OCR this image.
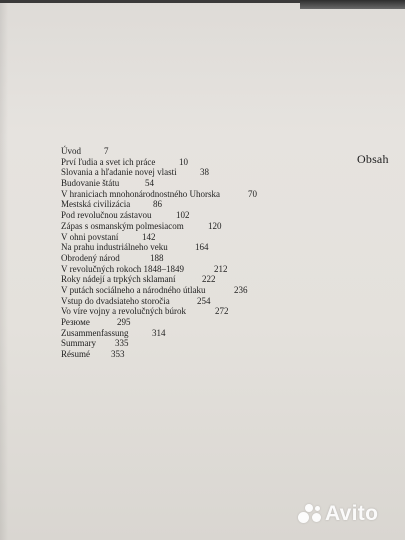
Obsah
Úvod	7
Prví ľudia a svet ich práce	10
Slovania a hľadanie novej vlasti	38
Budovanie štátu	54
V hraniciach mnohonárodnostného Uhorska	70
Mestská civilizácia	86
Pod revolučnou zástavou	102
Zápas s osmanským polmesiacom	120
V ohni povstaní	142
Na prahu industriálneho veku	164
Obrodený národ	188
V revolučných rokoch 1848–1849	212
Roky nádejí a trpkých sklamaní	222
V putách sociálneho a národného útlaku	236
Vstup do dvadsiateho storočia	254
Vo víre vojny a revolučných búrok	272
Резюме	295
Zusammenfassung	314
Summary 335
Résumé 353
Avito
